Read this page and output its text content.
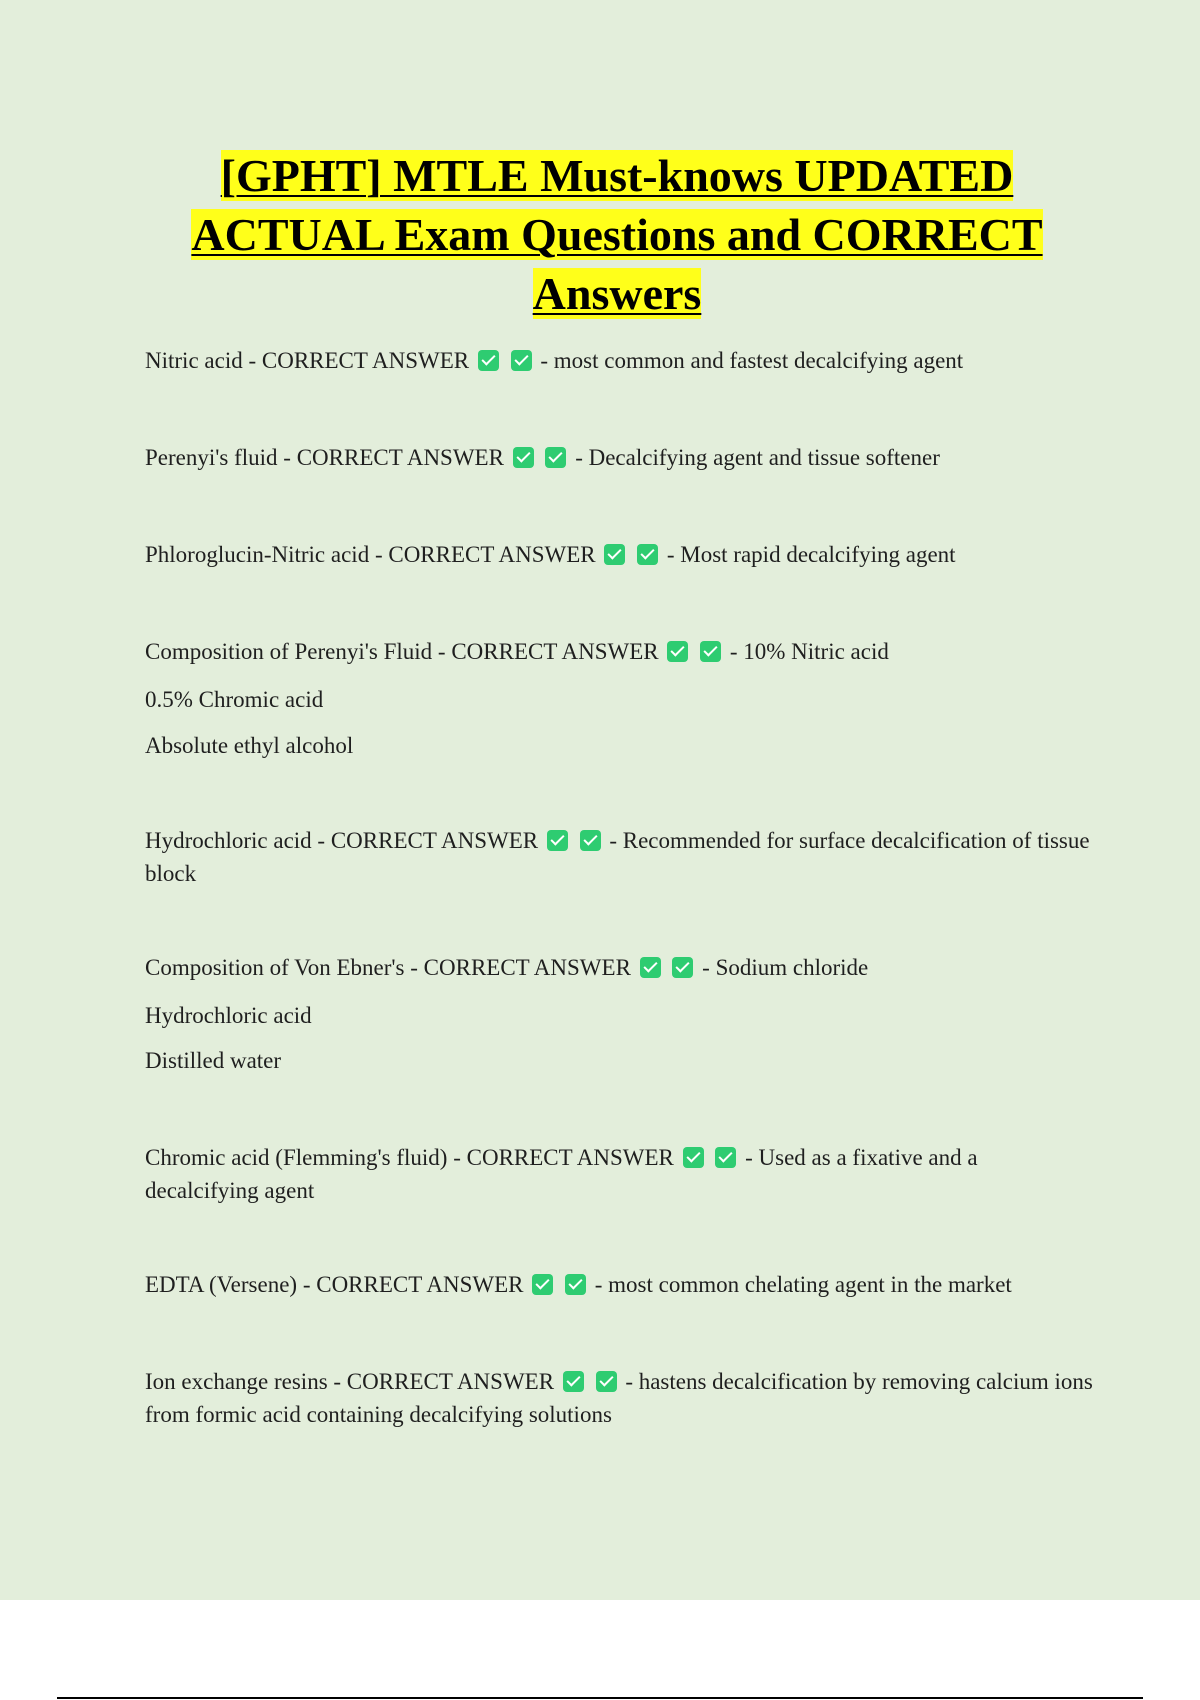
[GPHT] MTLE Must-knows UPDATED ACTUAL Exam Questions and CORRECT Answers
Nitric acid - CORRECT ANSWER	- most common and fastest decalcifying agent
Perenyi's fluid - CORRECT ANSWER	- Decalcifying agent and tissue softener
Phloroglucin-Nitric acid - CORRECT ANSWER	- Most rapid decalcifying agent
Composition of Perenyi's Fluid - CORRECT ANSWER	- 10% Nitric acid
0.5% Chromic acid
Absolute ethyl alcohol
Hydrochloric acid - CORRECT ANSWER	- Recommended for surface decalcification of tissue block
Composition of Von Ebner's - CORRECT ANSWER	- Sodium chloride
Hydrochloric acid
Distilled water
Chromic acid (Flemming's fluid) - CORRECT ANSWER	- Used as a fixative and a decalcifying agent
EDTA (Versene) - CORRECT ANSWER	- most common chelating agent in the market
Ion exchange resins - CORRECT ANSWER	- hastens decalcification by removing calcium ions from formic acid containing decalcifying solutions
